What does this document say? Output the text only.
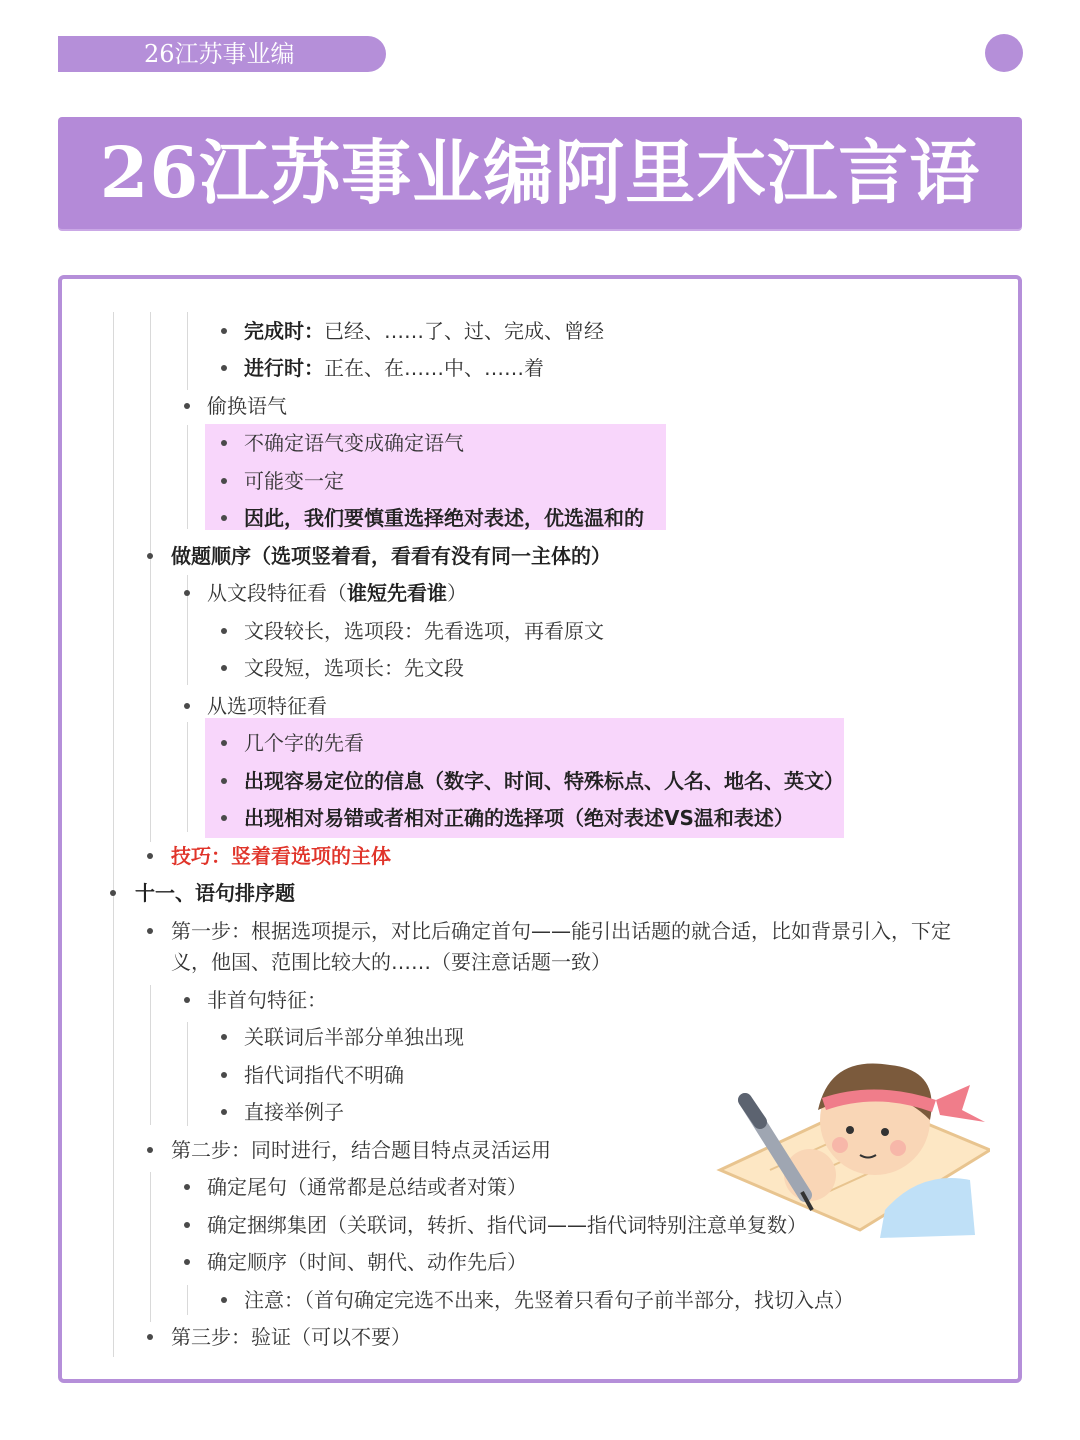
26江苏事业编
26江苏事业编阿里木江言语
完成时：已经、……了、过、完成、曾经
进行时：正在、在……中、……着
偷换语气
不确定语气变成确定语气
可能变一定
因此，我们要慎重选择绝对表述，优选温和的
做题顺序（选项竖着看，看看有没有同一主体的）
从文段特征看（谁短先看谁）
文段较长，选项段：先看选项，再看原文
文段短，选项长：先文段
从选项特征看
几个字的先看
出现容易定位的信息（数字、时间、特殊标点、人名、地名、英文）
出现相对易错或者相对正确的选择项（绝对表述VS温和表述）
技巧：竖着看选项的主体
十一、语句排序题
第一步：根据选项提示，对比后确定首句——能引出话题的就合适，比如背景引入，下定
义，他国、范围比较大的……（要注意话题一致）
非首句特征：
关联词后半部分单独出现
指代词指代不明确
直接举例子
第二步：同时进行，结合题目特点灵活运用
确定尾句（通常都是总结或者对策）
确定捆绑集团（关联词，转折、指代词——指代词特别注意单复数）
确定顺序（时间、朝代、动作先后）
注意：（首句确定完选不出来，先竖着只看句子前半部分，找切入点）
第三步：验证（可以不要）
